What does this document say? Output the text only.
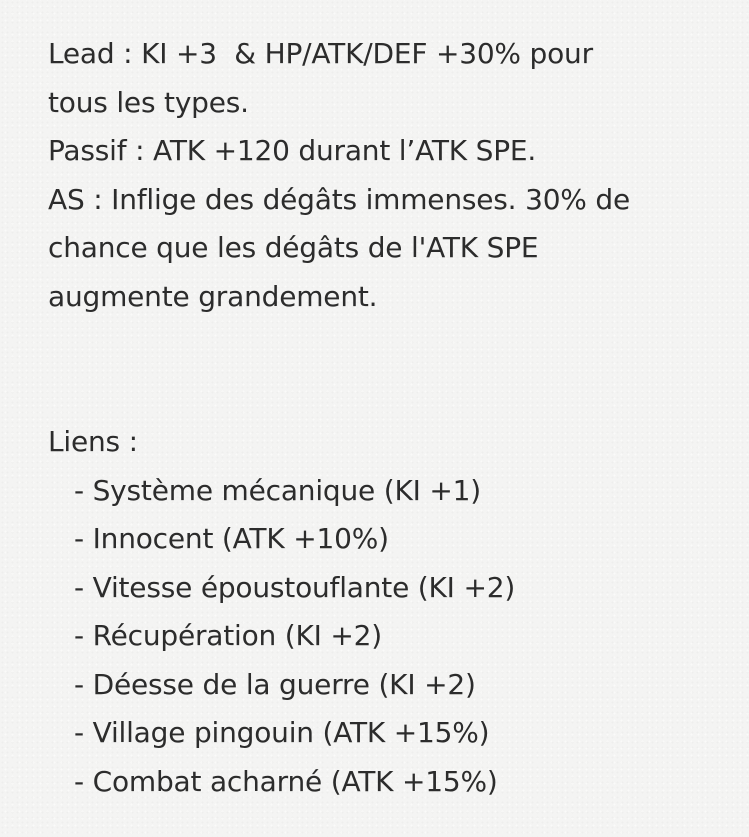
Lead : KI +3  & HP/ATK/DEF +30% pour
tous les types.
Passif : ATK +120 durant l’ATK SPE.
AS : Inflige des dégâts immenses. 30% de
chance que les dégâts de l'ATK SPE
augmente grandement.
Liens :
- Système mécanique (KI +1)
- Innocent (ATK +10%)
- Vitesse époustouflante (KI +2)
- Récupération (KI +2)
- Déesse de la guerre (KI +2)
- Village pingouin (ATK +15%)
- Combat acharné (ATK +15%)
